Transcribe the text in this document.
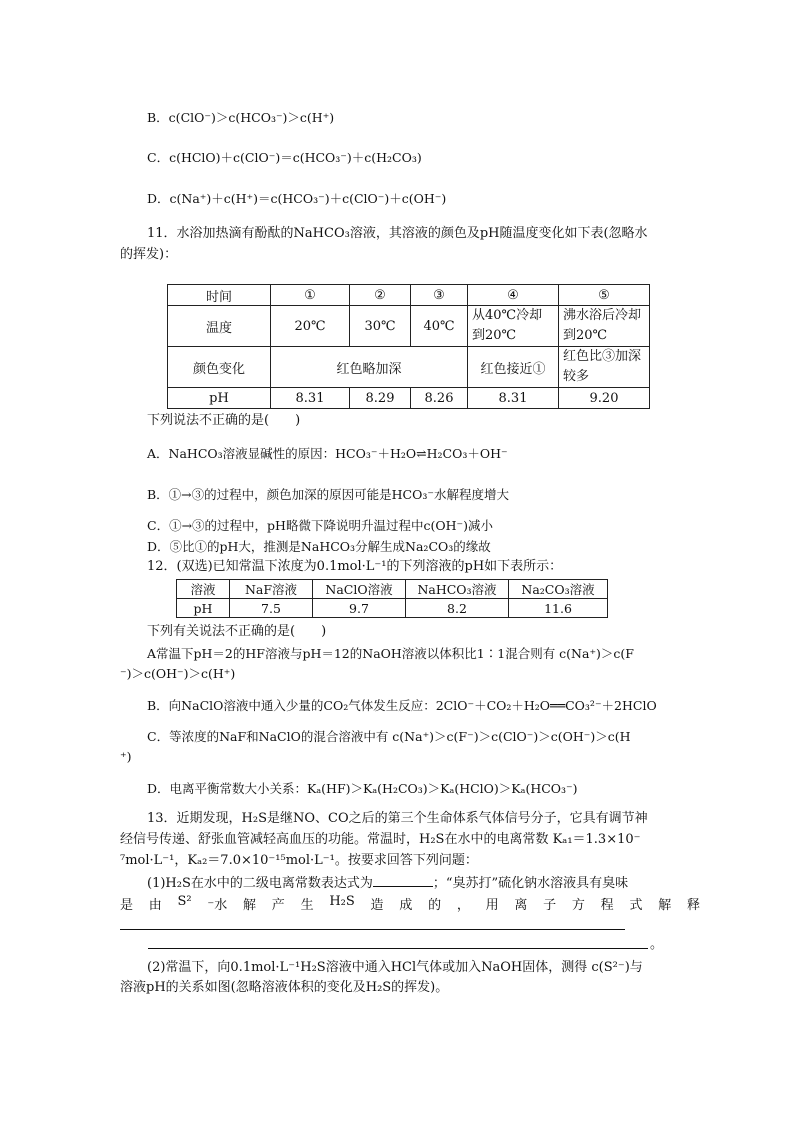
B．c(ClO⁻)＞c(HCO₃⁻)＞c(H⁺)
C．c(HClO)＋c(ClO⁻)＝c(HCO₃⁻)＋c(H₂CO₃)
D．c(Na⁺)＋c(H⁺)＝c(HCO₃⁻)＋c(ClO⁻)＋c(OH⁻)
11．水浴加热滴有酚酞的NaHCO₃溶液，其溶液的颜色及pH随温度变化如下表(忽略水
的挥发)：
时间	①	②	③	④	⑤
温度	20℃	30℃	40℃	从40℃冷却到20℃	沸水浴后冷却到20℃
颜色变化	红色略加深			红色接近①	红色比③加深较多
pH	8.31	8.29	8.26	8.31	9.20
下列说法不正确的是(　　)
A．NaHCO₃溶液显碱性的原因：HCO₃⁻＋H₂O⇌H₂CO₃＋OH⁻
B．①→③的过程中，颜色加深的原因可能是HCO₃⁻水解程度增大
C．①→③的过程中，pH略微下降说明升温过程中c(OH⁻)减小
D．⑤比①的pH大，推测是NaHCO₃分解生成Na₂CO₃的缘故
12．(双选)已知常温下浓度为0.1mol·L⁻¹的下列溶液的pH如下表所示：
溶液	NaF溶液	NaClO溶液	NaHCO₃溶液	Na₂CO₃溶液
pH	7.5	9.7	8.2	11.6
下列有关说法不正确的是(　　)
A常温下pH＝2的HF溶液与pH＝12的NaOH溶液以体积比1∶1混合则有 c(Na⁺)＞c(F
⁻)＞c(OH⁻)＞c(H⁺)
B．向NaClO溶液中通入少量的CO₂气体发生反应：2ClO⁻＋CO₂＋H₂O══CO₃²⁻＋2HClO
C．等浓度的NaF和NaClO的混合溶液中有 c(Na⁺)＞c(F⁻)＞c(ClO⁻)＞c(OH⁻)＞c(H
⁺)
D．电离平衡常数大小关系：Kₐ(HF)＞Kₐ(H₂CO₃)＞Kₐ(HClO)＞Kₐ(HCO₃⁻)
13．近期发现，H₂S是继NO、CO之后的第三个生命体系气体信号分子，它具有调节神
经信号传递、舒张血管减轻高血压的功能。常温时，H₂S在水中的电离常数 Kₐ₁＝1.3×10⁻
⁷mol·L⁻¹，Kₐ₂＝7.0×10⁻¹⁵mol·L⁻¹。按要求回答下列问题：
(1)H₂S在水中的二级电离常数表达式为	；“臭苏打”硫化钠水溶液具有臭味
是 由 S² ⁻水 解 产 生 H₂S 造 成 的 ， 用 离 子 方 程 式 解 释
。
(2)常温下，向0.1mol·L⁻¹H₂S溶液中通入HCl气体或加入NaOH固体，测得 c(S²⁻)与
溶液pH的关系如图(忽略溶液体积的变化及H₂S的挥发)。
